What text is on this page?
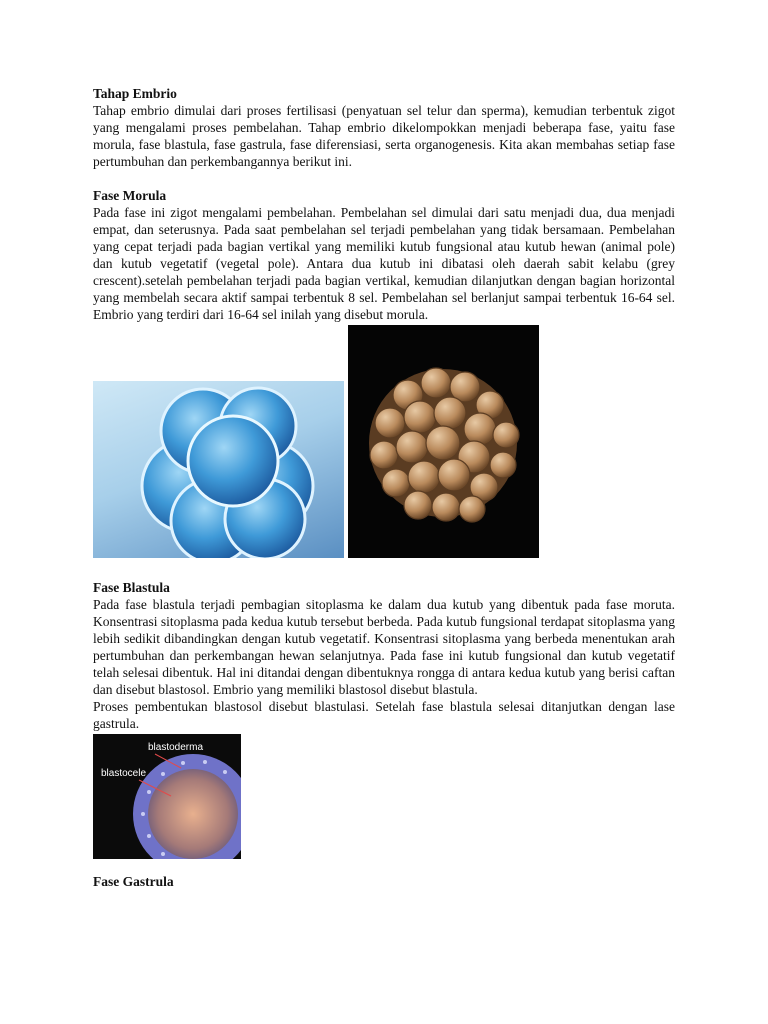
Tahap Embrio

Tahap embrio dimulai dari proses fertilisasi (penyatuan sel telur dan sperma), kemudian terbentuk zigot yang mengalami proses pembelahan. Tahap embrio dikelompokkan menjadi beberapa fase, yaitu fase morula, fase blastula, fase gastrula, fase diferensiasi, serta organogenesis. Kita akan membahas setiap fase pertumbuhan dan perkembangannya berikut ini.

Fase Morula

Pada fase ini zigot mengalami pembelahan. Pembelahan sel dimulai dari satu menjadi dua, dua menjadi empat, dan seterusnya. Pada saat pembelahan sel terjadi pembelahan yang tidak bersamaan. Pembelahan yang cepat terjadi pada bagian vertikal yang memiliki kutub fungsional atau kutub hewan (animal pole) dan kutub vegetatif (vegetal pole). Antara dua kutub ini dibatasi oleh daerah sabit kelabu (grey crescent).setelah pembelahan terjadi pada bagian vertikal, kemudian dilanjutkan dengan bagian horizontal yang membelah secara aktif sampai terbentuk 8 sel. Pembelahan sel berlanjut sampai terbentuk 16-64 sel. Embrio yang terdiri dari 16-64 sel inilah yang disebut morula.

Fase Blastula

Pada fase blastula terjadi pembagian sitoplasma ke dalam dua kutub yang dibentuk pada fase moruta. Konsentrasi sitoplasma pada kedua kutub tersebut berbeda. Pada kutub fungsional terdapat sitoplasma yang lebih sedikit dibandingkan dengan kutub vegetatif. Konsentrasi sitoplasma yang berbeda menentukan arah pertumbuhan dan perkembangan hewan selanjutnya. Pada fase ini kutub fungsional dan kutub vegetatif telah selesai dibentuk. Hal ini ditandai dengan dibentuknya rongga di antara kedua kutub yang berisi caftan dan disebut blastosol. Embrio yang memiliki blastosol disebut blastula.

Proses pembentukan blastosol disebut blastulasi. Setelah fase blastula selesai ditanjutkan dengan lase gastrula.

blastoderma
blastocele

Fase Gastrula
